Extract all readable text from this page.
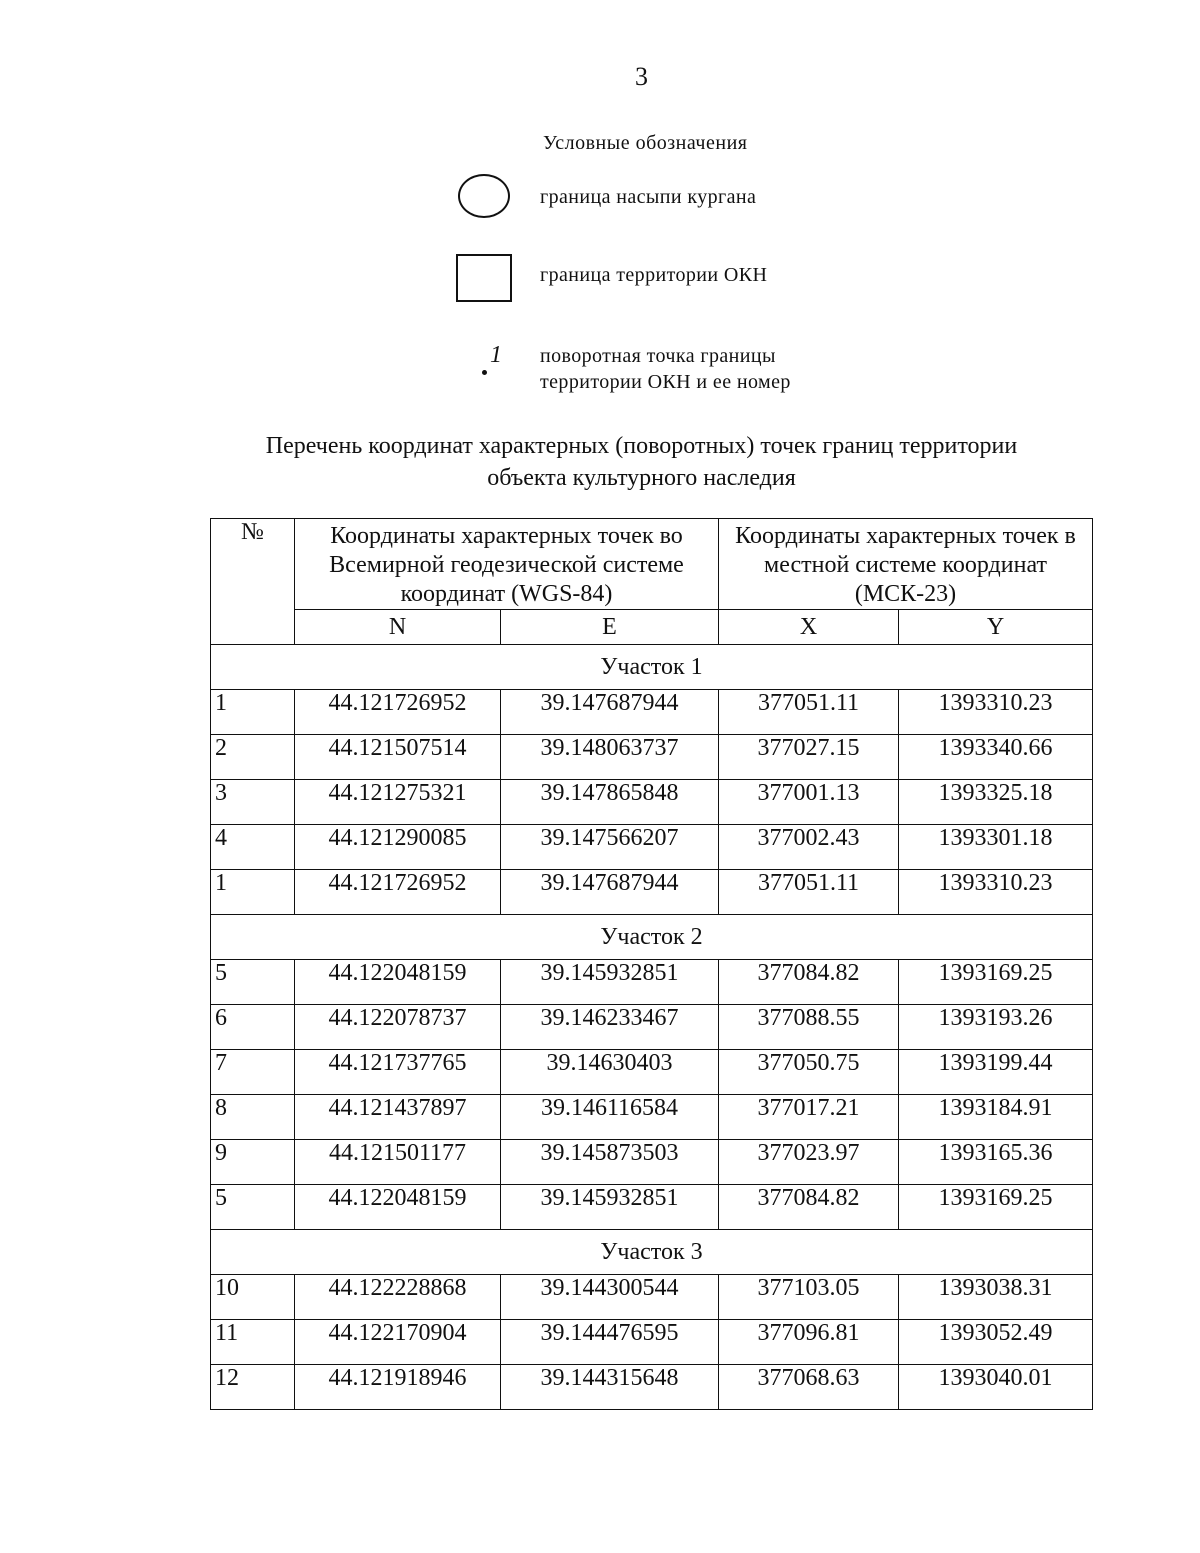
3
Условные обозначения
граница насыпи кургана
граница территории ОКН
1 поворотная точка границы
территории ОКН и ее номер
Перечень координат характерных (поворотных) точек границ территории
объекта культурного наследия
№	Координаты характерных точек во Всемирной геодезической системе координат (WGS-84)		Координаты характерных точек в местной системе координат (МСК-23)	
	N	E	X	Y
Участок 1				
1	44.121726952	39.147687944	377051.11	1393310.23
2	44.121507514	39.148063737	377027.15	1393340.66
3	44.121275321	39.147865848	377001.13	1393325.18
4	44.121290085	39.147566207	377002.43	1393301.18
1	44.121726952	39.147687944	377051.11	1393310.23
Участок 2				
5	44.122048159	39.145932851	377084.82	1393169.25
6	44.122078737	39.146233467	377088.55	1393193.26
7	44.121737765	39.14630403	377050.75	1393199.44
8	44.121437897	39.146116584	377017.21	1393184.91
9	44.121501177	39.145873503	377023.97	1393165.36
5	44.122048159	39.145932851	377084.82	1393169.25
Участок 3				
10	44.122228868	39.144300544	377103.05	1393038.31
11	44.122170904	39.144476595	377096.81	1393052.49
12	44.121918946	39.144315648	377068.63	1393040.01
